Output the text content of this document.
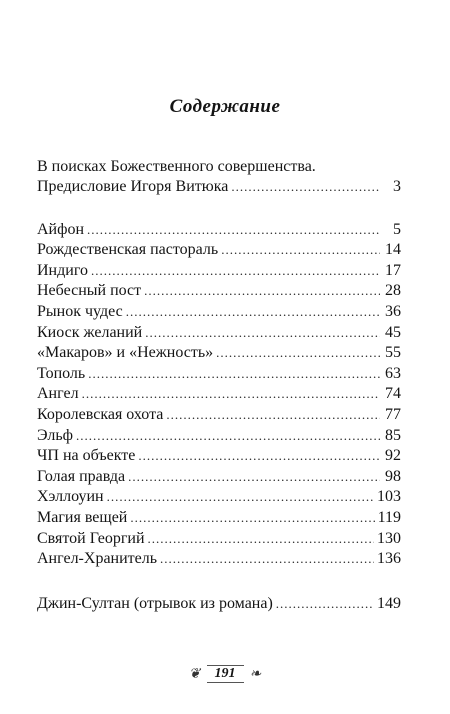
Содержание
В поисках Божественного совершенства.
Предисловие Игоря Витюка .....	3
Айфон .....	5
Рождественская пастораль .....	14
Индиго .....	17
Небесный пост .....	28
Рынок чудес .....	36
Киоск желаний .....	45
«Макаров» и «Нежность» .....	55
Тополь .....	63
Ангел .....	74
Королевская охота .....	77
Эльф .....	85
ЧП на объекте .....	92
Голая правда .....	98
Хэллоуин .....	103
Магия вещей .....	119
Святой Георгий .....	130
Ангел-Хранитель .....	136
Джин-Султан (отрывок из романа) .....	149
❦	191	❧
